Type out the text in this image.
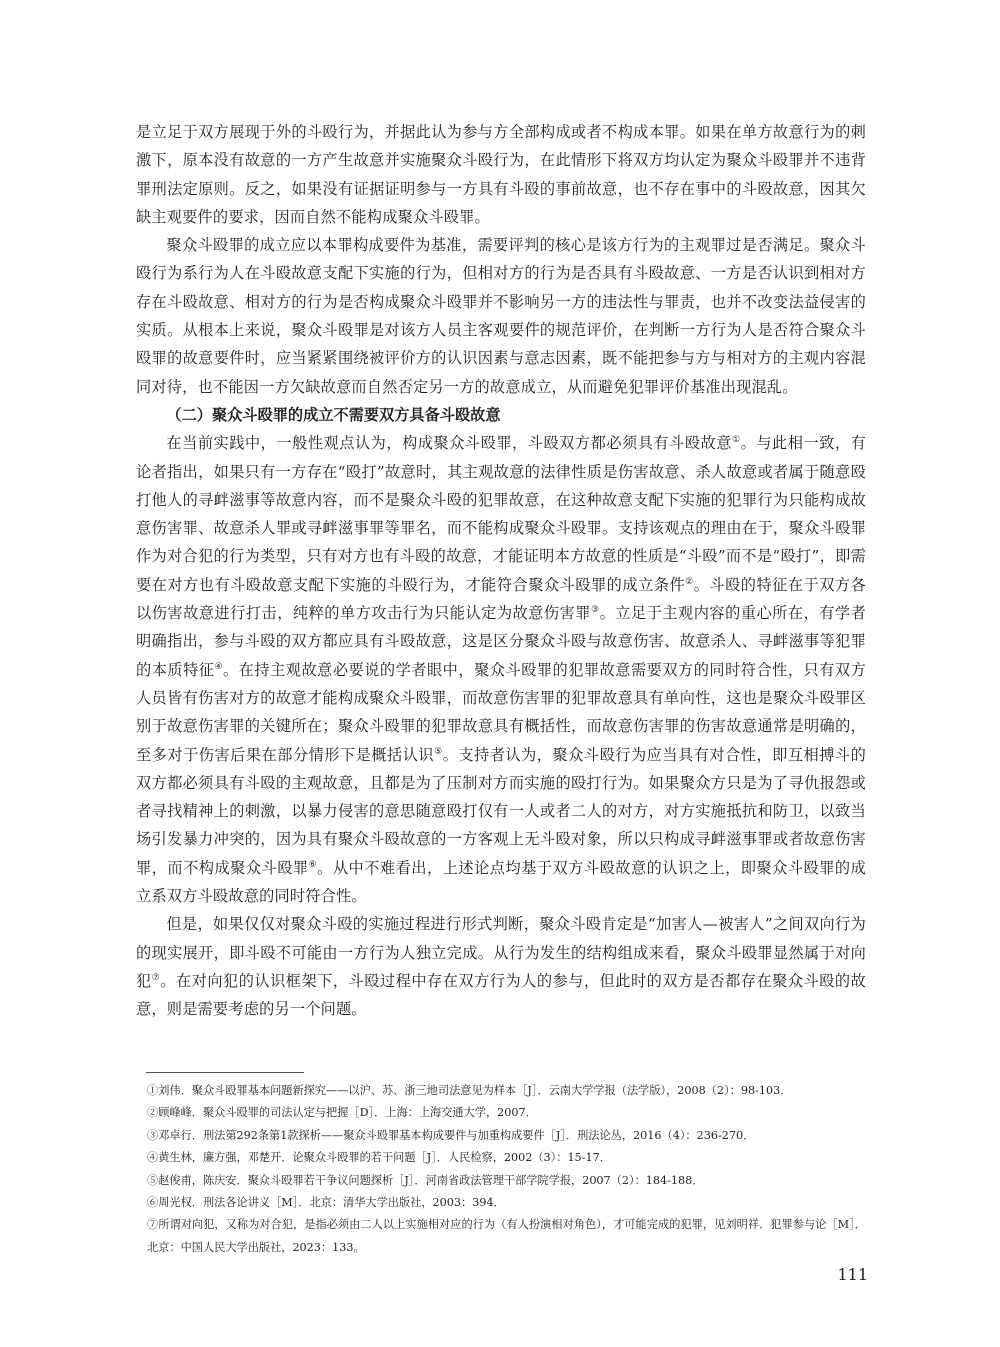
是立足于双方展现于外的斗殴行为，并据此认为参与方全部构成或者不构成本罪。如果在单方故意行为的刺激下，原本没有故意的一方产生故意并实施聚众斗殴行为，在此情形下将双方均认定为聚众斗殴罪并不违背罪刑法定原则。反之，如果没有证据证明参与一方具有斗殴的事前故意，也不存在事中的斗殴故意，因其欠缺主观要件的要求，因而自然不能构成聚众斗殴罪。

聚众斗殴罪的成立应以本罪构成要件为基准，需要评判的核心是该方行为的主观罪过是否满足。聚众斗殴行为系行为人在斗殴故意支配下实施的行为，但相对方的行为是否具有斗殴故意、一方是否认识到相对方存在斗殴故意、相对方的行为是否构成聚众斗殴罪并不影响另一方的违法性与罪责，也并不改变法益侵害的实质。从根本上来说，聚众斗殴罪是对该方人员主客观要件的规范评价，在判断一方行为人是否符合聚众斗殴罪的故意要件时，应当紧紧围绕被评价方的认识因素与意志因素，既不能把参与方与相对方的主观内容混同对待，也不能因一方欠缺故意而自然否定另一方的故意成立，从而避免犯罪评价基准出现混乱。

（二）聚众斗殴罪的成立不需要双方具备斗殴故意

在当前实践中，一般性观点认为，构成聚众斗殴罪，斗殴双方都必须具有斗殴故意①。与此相一致，有论者指出，如果只有一方存在“殴打”故意时，其主观故意的法律性质是伤害故意、杀人故意或者属于随意殴打他人的寻衅滋事等故意内容，而不是聚众斗殴的犯罪故意，在这种故意支配下实施的犯罪行为只能构成故意伤害罪、故意杀人罪或寻衅滋事罪等罪名，而不能构成聚众斗殴罪。支持该观点的理由在于，聚众斗殴罪作为对合犯的行为类型，只有对方也有斗殴的故意，才能证明本方故意的性质是“斗殴”而不是“殴打”，即需要在对方也有斗殴故意支配下实施的斗殴行为，才能符合聚众斗殴罪的成立条件②。斗殴的特征在于双方各以伤害故意进行打击，纯粹的单方攻击行为只能认定为故意伤害罪③。立足于主观内容的重心所在，有学者明确指出，参与斗殴的双方都应具有斗殴故意，这是区分聚众斗殴与故意伤害、故意杀人、寻衅滋事等犯罪的本质特征④。在持主观故意必要说的学者眼中，聚众斗殴罪的犯罪故意需要双方的同时符合性，只有双方人员皆有伤害对方的故意才能构成聚众斗殴罪，而故意伤害罪的犯罪故意具有单向性，这也是聚众斗殴罪区别于故意伤害罪的关键所在；聚众斗殴罪的犯罪故意具有概括性，而故意伤害罪的伤害故意通常是明确的，至多对于伤害后果在部分情形下是概括认识⑤。支持者认为，聚众斗殴行为应当具有对合性，即互相搏斗的双方都必须具有斗殴的主观故意，且都是为了压制对方而实施的殴打行为。如果聚众方只是为了寻仇报怨或者寻找精神上的刺激，以暴力侵害的意思随意殴打仅有一人或者二人的对方，对方实施抵抗和防卫，以致当场引发暴力冲突的，因为具有聚众斗殴故意的一方客观上无斗殴对象，所以只构成寻衅滋事罪或者故意伤害罪，而不构成聚众斗殴罪⑥。从中不难看出，上述论点均基于双方斗殴故意的认识之上，即聚众斗殴罪的成立系双方斗殴故意的同时符合性。

但是，如果仅仅对聚众斗殴的实施过程进行形式判断，聚众斗殴肯定是“加害人—被害人”之间双向行为的现实展开，即斗殴不可能由一方行为人独立完成。从行为发生的结构组成来看，聚众斗殴罪显然属于对向犯⑦。在对向犯的认识框架下，斗殴过程中存在双方行为人的参与，但此时的双方是否都存在聚众斗殴的故意，则是需要考虑的另一个问题。

①刘伟．聚众斗殴罪基本问题新探究——以沪、苏、浙三地司法意见为样本［J］．云南大学学报（法学版），2008（2）：98-103．

②顾峰峰．聚众斗殴罪的司法认定与把握［D］．上海：上海交通大学，2007．

③邓卓行．刑法第292条第1款探析——聚众斗殴罪基本构成要件与加重构成要件［J］．刑法论丛，2016（4）：236-270．

④黄生林，廉方强，邓楚开．论聚众斗殴罪的若干问题［J］．人民检察，2002（3）：15-17．

⑤赵俊甫，陈庆安．聚众斗殴罪若干争议问题探析［J］．河南省政法管理干部学院学报，2007（2）：184-188．

⑥周光权．刑法各论讲义［M］．北京：清华大学出版社，2003：394．

⑦所谓对向犯，又称为对合犯，是指必须由二人以上实施相对应的行为（有人扮演相对角色），才可能完成的犯罪，见刘明祥．犯罪参与论［M］．北京：中国人民大学出版社，2023：133。

111
